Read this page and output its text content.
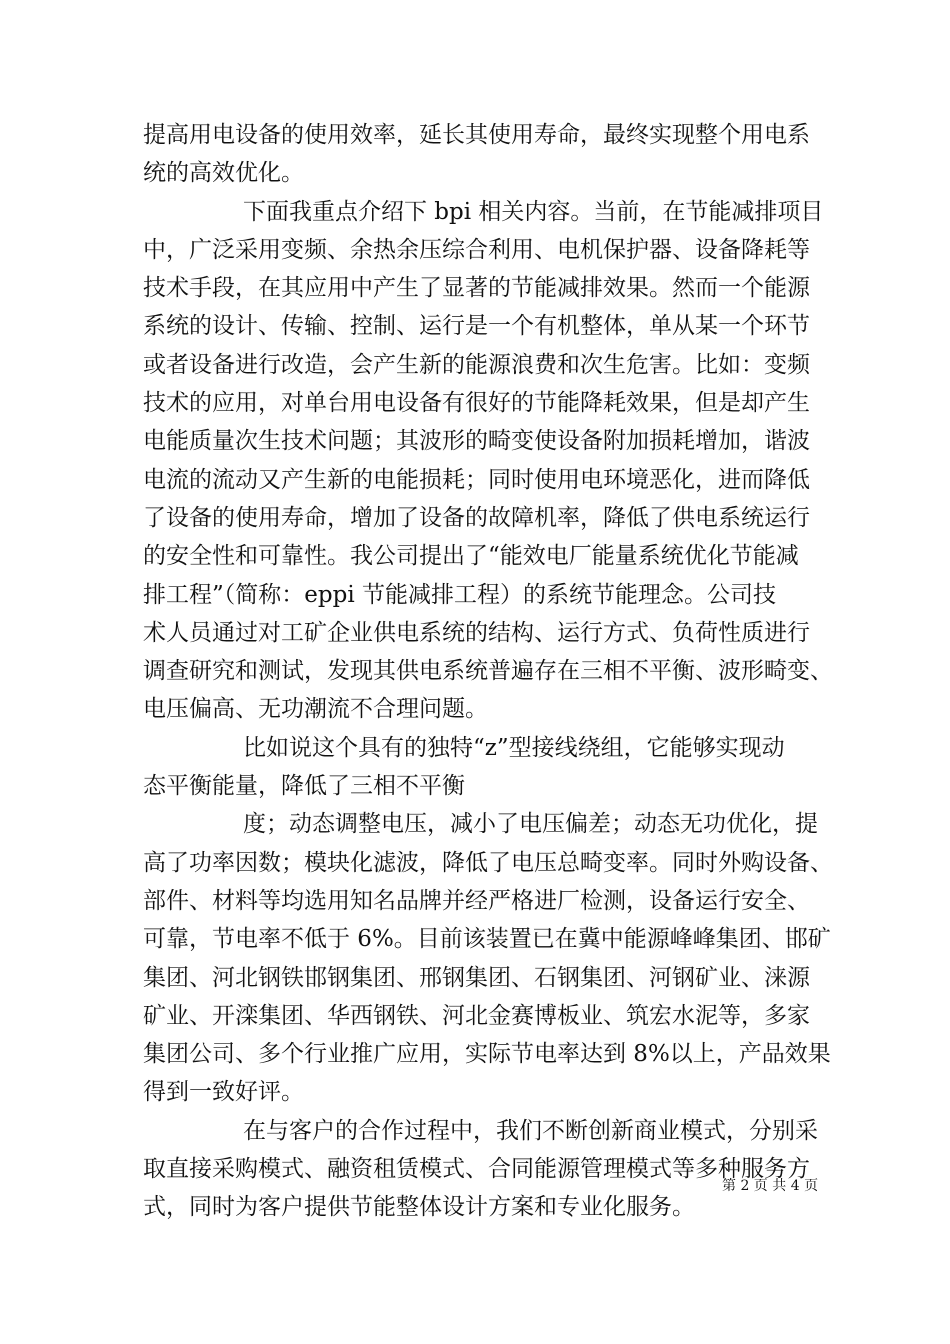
提高用电设备的使用效率，延长其使用寿命，最终实现整个用电系
统的高效优化。
下面我重点介绍下 bpi 相关内容。当前，在节能减排项目
中，广泛采用变频、余热余压综合利用、电机保护器、设备降耗等
技术手段，在其应用中产生了显著的节能减排效果。然而一个能源
系统的设计、传输、控制、运行是一个有机整体，单从某一个环节
或者设备进行改造，会产生新的能源浪费和次生危害。比如：变频
技术的应用，对单台用电设备有很好的节能降耗效果，但是却产生
电能质量次生技术问题；其波形的畸变使设备附加损耗增加，谐波
电流的流动又产生新的电能损耗；同时使用电环境恶化，进而降低
了设备的使用寿命，增加了设备的故障机率，降低了供电系统运行
的安全性和可靠性。我公司提出了“能效电厂能量系统优化节能减
排工程”（简称：eppi 节能减排工程）的系统节能理念。公司技
术人员通过对工矿企业供电系统的结构、运行方式、负荷性质进行
调查研究和测试，发现其供电系统普遍存在三相不平衡、波形畸变、
电压偏高、无功潮流不合理问题。
比如说这个具有的独特“z”型接线绕组，它能够实现动
态平衡能量，降低了三相不平衡
度；动态调整电压，减小了电压偏差；动态无功优化，提
高了功率因数；模块化滤波，降低了电压总畸变率。同时外购设备、
部件、材料等均选用知名品牌并经严格进厂检测，设备运行安全、
可靠，节电率不低于 6%。目前该装置已在冀中能源峰峰集团、邯矿
集团、河北钢铁邯钢集团、邢钢集团、石钢集团、河钢矿业、涞源
矿业、开滦集团、华西钢铁、河北金赛博板业、筑宏水泥等，多家
集团公司、多个行业推广应用，实际节电率达到 8%以上，产品效果
得到一致好评。
在与客户的合作过程中，我们不断创新商业模式，分别采
取直接采购模式、融资租赁模式、合同能源管理模式等多种服务方
式，同时为客户提供节能整体设计方案和专业化服务。
第 2 页 共 4 页
